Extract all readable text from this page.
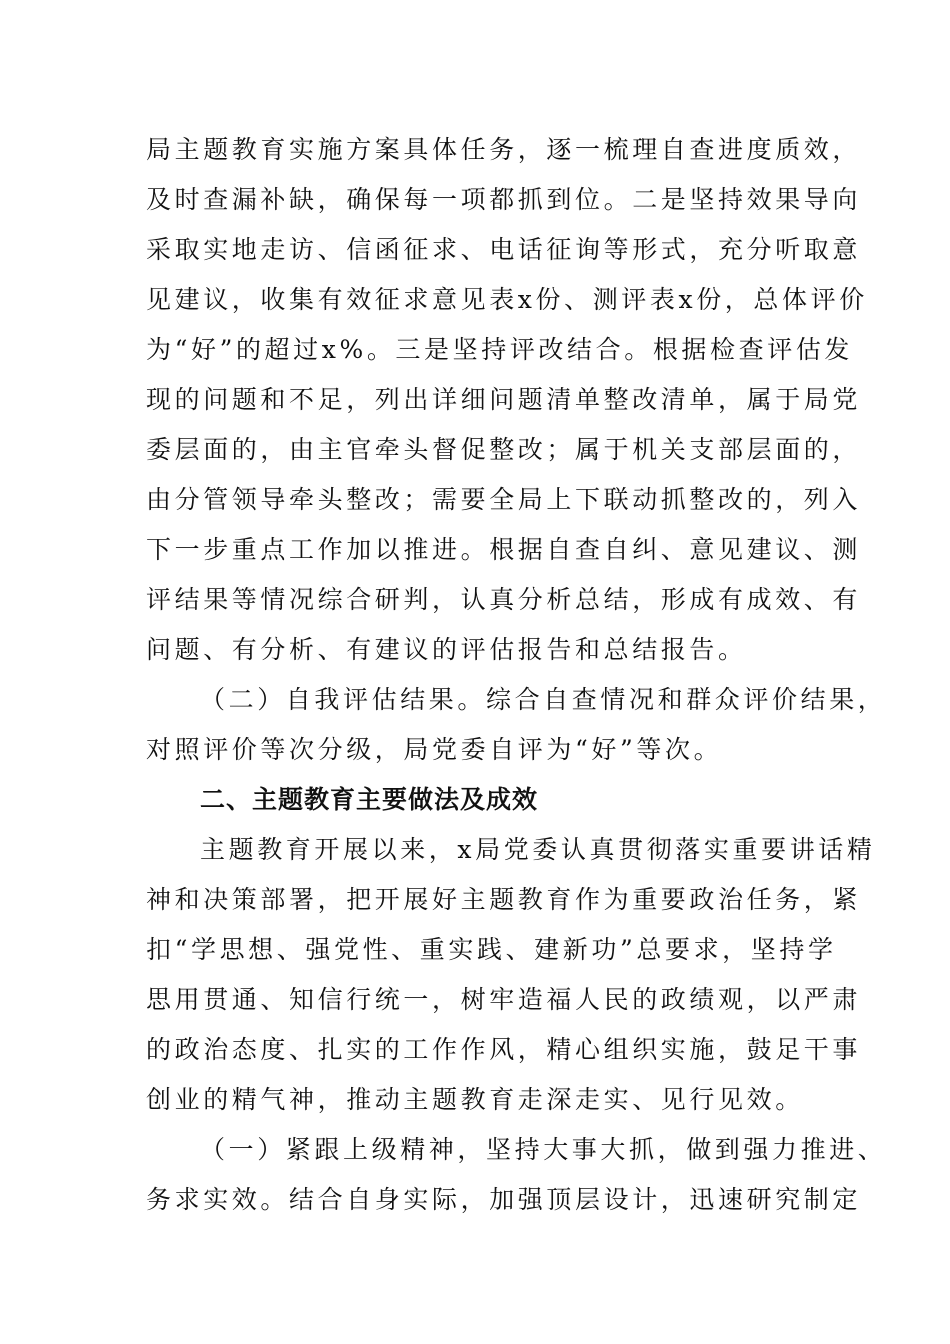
局主题教育实施方案具体任务，逐一梳理自查进度质效，
及时查漏补缺，确保每一项都抓到位。二是坚持效果导向
采取实地走访、信函征求、电话征询等形式，充分听取意
见建议，收集有效征求意见表x份、测评表x份，总体评价
为“好”的超过x%。三是坚持评改结合。根据检查评估发
现的问题和不足，列出详细问题清单整改清单，属于局党
委层面的，由主官牵头督促整改；属于机关支部层面的，
由分管领导牵头整改；需要全局上下联动抓整改的，列入
下一步重点工作加以推进。根据自查自纠、意见建议、测
评结果等情况综合研判，认真分析总结，形成有成效、有
问题、有分析、有建议的评估报告和总结报告。
（二）自我评估结果。综合自查情况和群众评价结果，
对照评价等次分级，局党委自评为“好”等次。
二、主题教育主要做法及成效
主题教育开展以来，x局党委认真贯彻落实重要讲话精
神和决策部署，把开展好主题教育作为重要政治任务，紧
扣“学思想、强党性、重实践、建新功”总要求，坚持学
思用贯通、知信行统一，树牢造福人民的政绩观，以严肃
的政治态度、扎实的工作作风，精心组织实施，鼓足干事
创业的精气神，推动主题教育走深走实、见行见效。
（一）紧跟上级精神，坚持大事大抓，做到强力推进、
务求实效。结合自身实际，加强顶层设计，迅速研究制定
